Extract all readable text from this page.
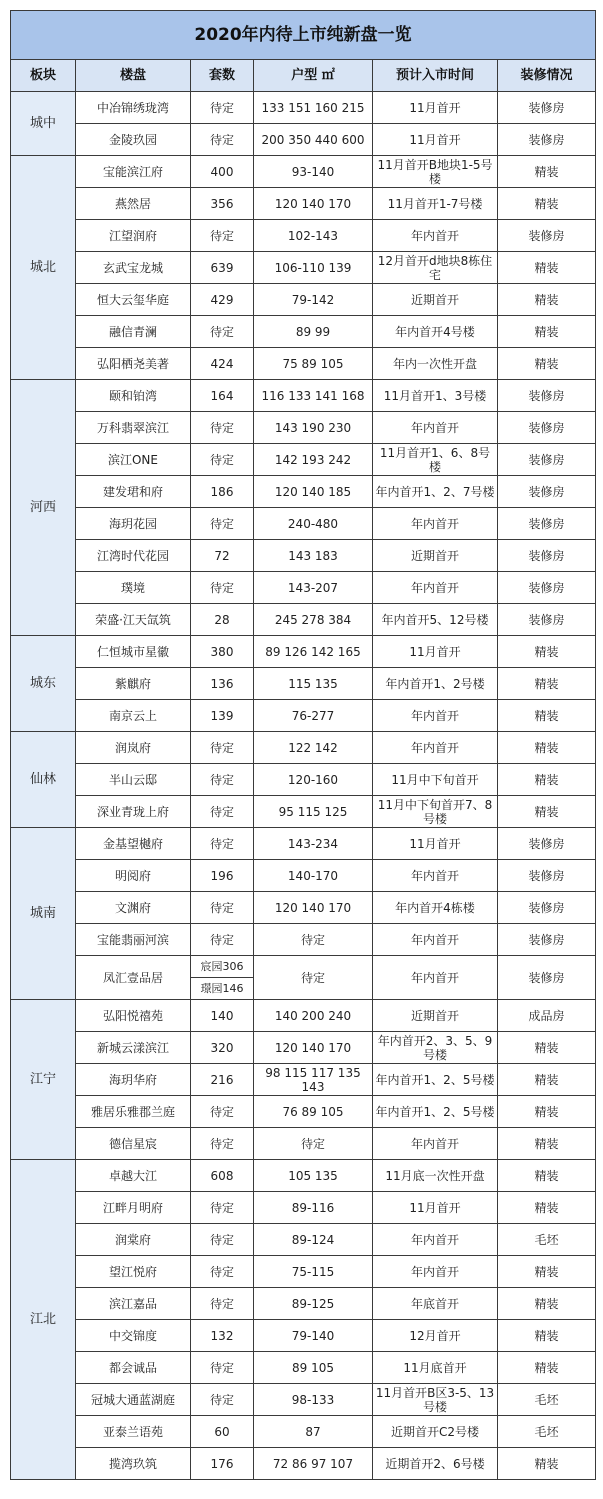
2020年内待上市纯新盘一览					
板块	楼盘	套数	户型 ㎡	预计入市时间	装修情况
城中	中冶锦绣珑湾	待定	133 151 160 215	11月首开	装修房
	金陵玖园	待定	200 350 440 600	11月首开	装修房
城北	宝能滨江府	400	93-140	11月首开B地块1-5号楼	精装
	燕然居	356	120 140 170	11月首开1-7号楼	精装
	江望润府	待定	102-143	年内首开	装修房
	玄武宝龙城	639	106-110 139	12月首开d地块8栋住宅	精装
	恒大云玺华庭	429	79-142	近期首开	精装
	融信青澜	待定	89 99	年内首开4号楼	精装
	弘阳栖尧美著	424	75 89 105	年内一次性开盘	精装
河西	颐和铂湾	164	116 133 141 168	11月首开1、3号楼	装修房
	万科翡翠滨江	待定	143 190 230	年内首开	装修房
	滨江ONE	待定	142 193 242	11月首开1、6、8号楼	装修房
	建发珺和府	186	120 140 185	年内首开1、2、7号楼	装修房
	海玥花园	待定	240-480	年内首开	装修房
	江湾时代花园	72	143 183	近期首开	装修房
	璞境	待定	143-207	年内首开	装修房
	荣盛·江天氙筑	28	245 278 384	年内首开5、12号楼	装修房
城东	仁恒城市星徽	380	89 126 142 165	11月首开	精装
	紫麒府	136	115 135	年内首开1、2号楼	精装
	南京云上	139	76-277	年内首开	精装
仙林	润岚府	待定	122 142	年内首开	精装
	半山云邸	待定	120-160	11月中下旬首开	精装
	深业青珑上府	待定	95 115 125	11月中下旬首开7、8号楼	精装
城南	金基望樾府	待定	143-234	11月首开	装修房
	明阅府	196	140-170	年内首开	装修房
	文渊府	待定	120 140 170	年内首开4栋楼	装修房
	宝能翡丽河滨	待定	待定	年内首开	装修房
	凤汇壹品居	宸园306	待定	年内首开	装修房
		璟园146			
江宁	弘阳悦禧苑	140	140 200 240	近期首开	成品房
	新城云漾滨江	320	120 140 170	年内首开2、3、5、9号楼	精装
	海玥华府	216	98 115 117 135 143	年内首开1、2、5号楼	精装
	雅居乐雅郡兰庭	待定	76 89 105	年内首开1、2、5号楼	精装
	德信星宸	待定	待定	年内首开	精装
江北	卓越大江	608	105 135	11月底一次性开盘	精装
	江畔月明府	待定	89-116	11月首开	精装
	润棠府	待定	89-124	年内首开	毛坯
	望江悦府	待定	75-115	年内首开	精装
	滨江嘉品	待定	89-125	年底首开	精装
	中交锦度	132	79-140	12月首开	精装
	都会诚品	待定	89 105	11月底首开	精装
	冠城大通蓝湖庭	待定	98-133	11月首开B区3-5、13号楼	毛坯
	亚泰兰语苑	60	87	近期首开C2号楼	毛坯
	揽湾玖筑	176	72 86 97 107	近期首开2、6号楼	精装
